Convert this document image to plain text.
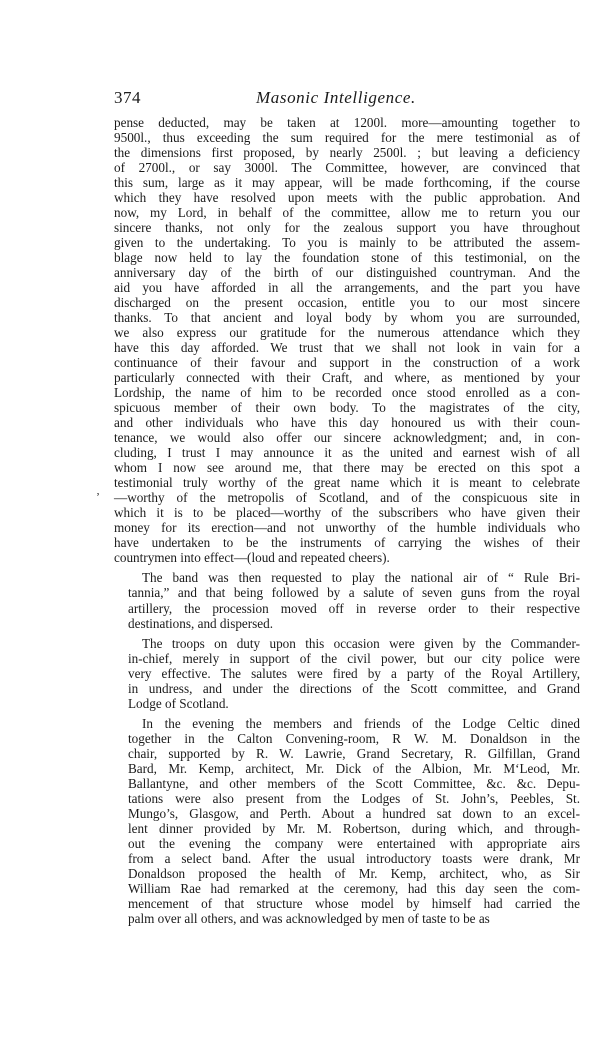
374	Masonic Intelligence.
‚
pense deducted, may be taken at 1200l. more—amounting together to
9500l., thus exceeding the sum required for the mere testimonial as of
the dimensions first proposed, by nearly 2500l. ; but leaving a deficiency
of 2700l., or say 3000l. The Committee, however, are convinced that
this sum, large as it may appear, will be made forthcoming, if the course
which they have resolved upon meets with the public approbation. And
now, my Lord, in behalf of the committee, allow me to return you our
sincere thanks, not only for the zealous support you have throughout
given to the undertaking. To you is mainly to be attributed the assem-
blage now held to lay the foundation stone of this testimonial, on the
anniversary day of the birth of our distinguished countryman. And the
aid you have afforded in all the arrangements, and the part you have
discharged on the present occasion, entitle you to our most sincere
thanks. To that ancient and loyal body by whom you are surrounded,
we also express our gratitude for the numerous attendance which they
have this day afforded. We trust that we shall not look in vain for a
continuance of their favour and support in the construction of a work
particularly connected with their Craft, and where, as mentioned by your
Lordship, the name of him to be recorded once stood enrolled as a con-
spicuous member of their own body. To the magistrates of the city,
and other individuals who have this day honoured us with their coun-
tenance, we would also offer our sincere acknowledgment; and, in con-
cluding, I trust I may announce it as the united and earnest wish of all
whom I now see around me, that there may be erected on this spot a
testimonial truly worthy of the great name which it is meant to celebrate
—worthy of the metropolis of Scotland, and of the conspicuous site in
which it is to be placed—worthy of the subscribers who have given their
money for its erection—and not unworthy of the humble individuals who
have undertaken to be the instruments of carrying the wishes of their
countrymen into effect—(loud and repeated cheers).
The band was then requested to play the national air of “ Rule Bri-
tannia,” and that being followed by a salute of seven guns from the royal
artillery, the procession moved off in reverse order to their respective
destinations, and dispersed.
The troops on duty upon this occasion were given by the Commander-
in-chief, merely in support of the civil power, but our city police were
very effective. The salutes were fired by a party of the Royal Artillery,
in undress, and under the directions of the Scott committee, and Grand
Lodge of Scotland.
In the evening the members and friends of the Lodge Celtic dined
together in the Calton Convening-room, R W. M. Donaldson in the
chair, supported by R. W. Lawrie, Grand Secretary, R. Gilfillan, Grand
Bard, Mr. Kemp, architect, Mr. Dick of the Albion, Mr. M‘Leod, Mr.
Ballantyne, and other members of the Scott Committee, &c. &c. Depu-
tations were also present from the Lodges of St. John’s, Peebles, St.
Mungo’s, Glasgow, and Perth. About a hundred sat down to an excel-
lent dinner provided by Mr. M. Robertson, during which, and through-
out the evening the company were entertained with appropriate airs
from a select band. After the usual introductory toasts were drank, Mr
Donaldson proposed the health of Mr. Kemp, architect, who, as Sir
William Rae had remarked at the ceremony, had this day seen the com-
mencement of that structure whose model by himself had carried the
palm over all others, and was acknowledged by men of taste to be as
